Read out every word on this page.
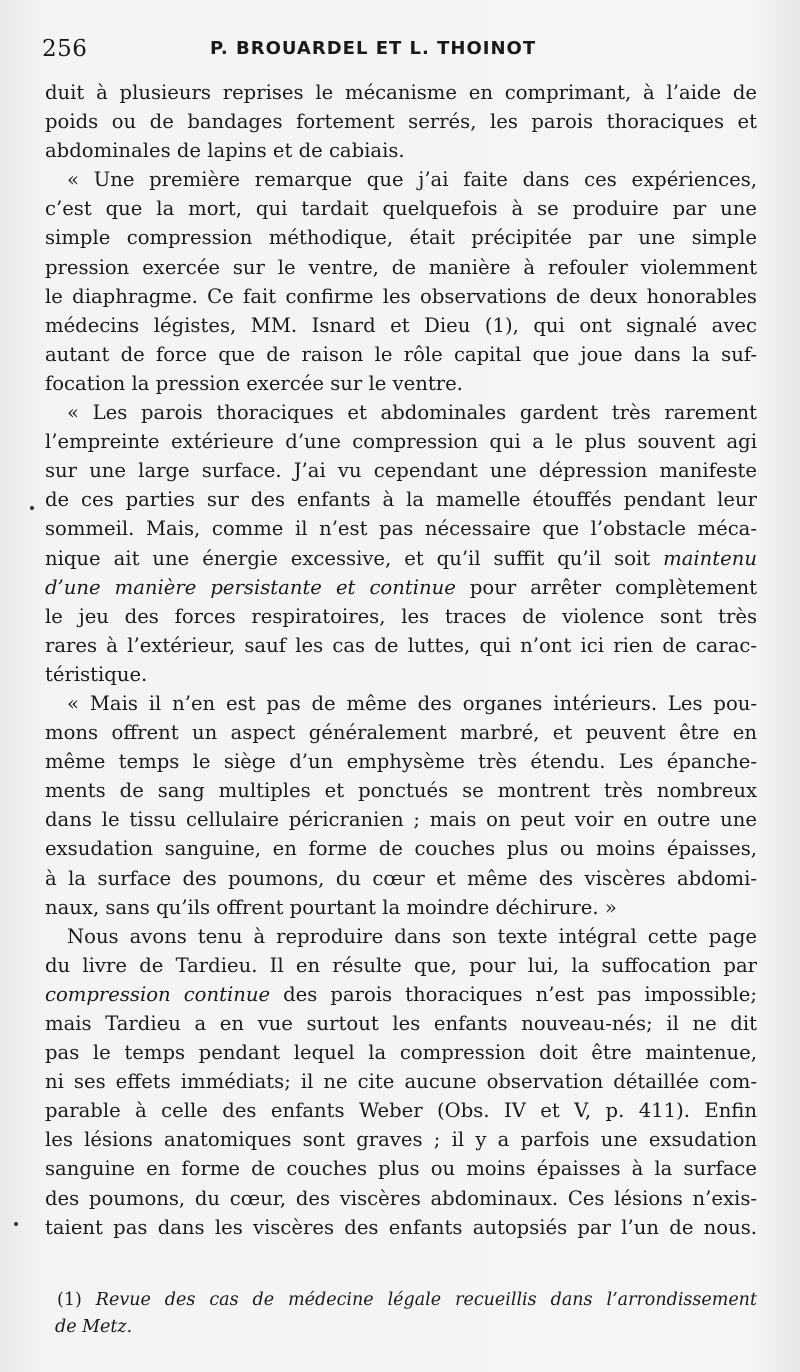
256	P. BROUARDEL ET L. THOINOT
duit à plusieurs reprises le mécanisme en comprimant, à l’aide de
poids ou de bandages fortement serrés, les parois thoraciques et
abdominales de lapins et de cabiais.
« Une première remarque que j’ai faite dans ces expériences,
c’est que la mort, qui tardait quelquefois à se produire par une
simple compression méthodique, était précipitée par une simple
pression exercée sur le ventre, de manière à refouler violemment
le diaphragme. Ce fait confirme les observations de deux honorables
médecins légistes, MM. Isnard et Dieu (1), qui ont signalé avec
autant de force que de raison le rôle capital que joue dans la suf-
focation la pression exercée sur le ventre.
« Les parois thoraciques et abdominales gardent très rarement
l’empreinte extérieure d’une compression qui a le plus souvent agi
sur une large surface. J’ai vu cependant une dépression manifeste
de ces parties sur des enfants à la mamelle étouffés pendant leur
sommeil. Mais, comme il n’est pas nécessaire que l’obstacle méca-
nique ait une énergie excessive, et qu’il suffit qu’il soit maintenu
d’une manière persistante et continue pour arrêter complètement
le jeu des forces respiratoires, les traces de violence sont très
rares à l’extérieur, sauf les cas de luttes, qui n’ont ici rien de carac-
téristique.
« Mais il n’en est pas de même des organes intérieurs. Les pou-
mons offrent un aspect généralement marbré, et peuvent être en
même temps le siège d’un emphysème très étendu. Les épanche-
ments de sang multiples et ponctués se montrent très nombreux
dans le tissu cellulaire péricranien ; mais on peut voir en outre une
exsudation sanguine, en forme de couches plus ou moins épaisses,
à la surface des poumons, du cœur et même des viscères abdomi-
naux, sans qu’ils offrent pourtant la moindre déchirure. »
Nous avons tenu à reproduire dans son texte intégral cette page
du livre de Tardieu. Il en résulte que, pour lui, la suffocation par
compression continue des parois thoraciques n’est pas impossible;
mais Tardieu a en vue surtout les enfants nouveau-nés; il ne dit
pas le temps pendant lequel la compression doit être maintenue,
ni ses effets immédiats; il ne cite aucune observation détaillée com-
parable à celle des enfants Weber (Obs. IV et V, p. 411). Enfin
les lésions anatomiques sont graves ; il y a parfois une exsudation
sanguine en forme de couches plus ou moins épaisses à la surface
des poumons, du cœur, des viscères abdominaux. Ces lésions n’exis-
taient pas dans les viscères des enfants autopsiés par l’un de nous.
(1) Revue des cas de médecine légale recueillis dans l’arrondissement
de Metz.
